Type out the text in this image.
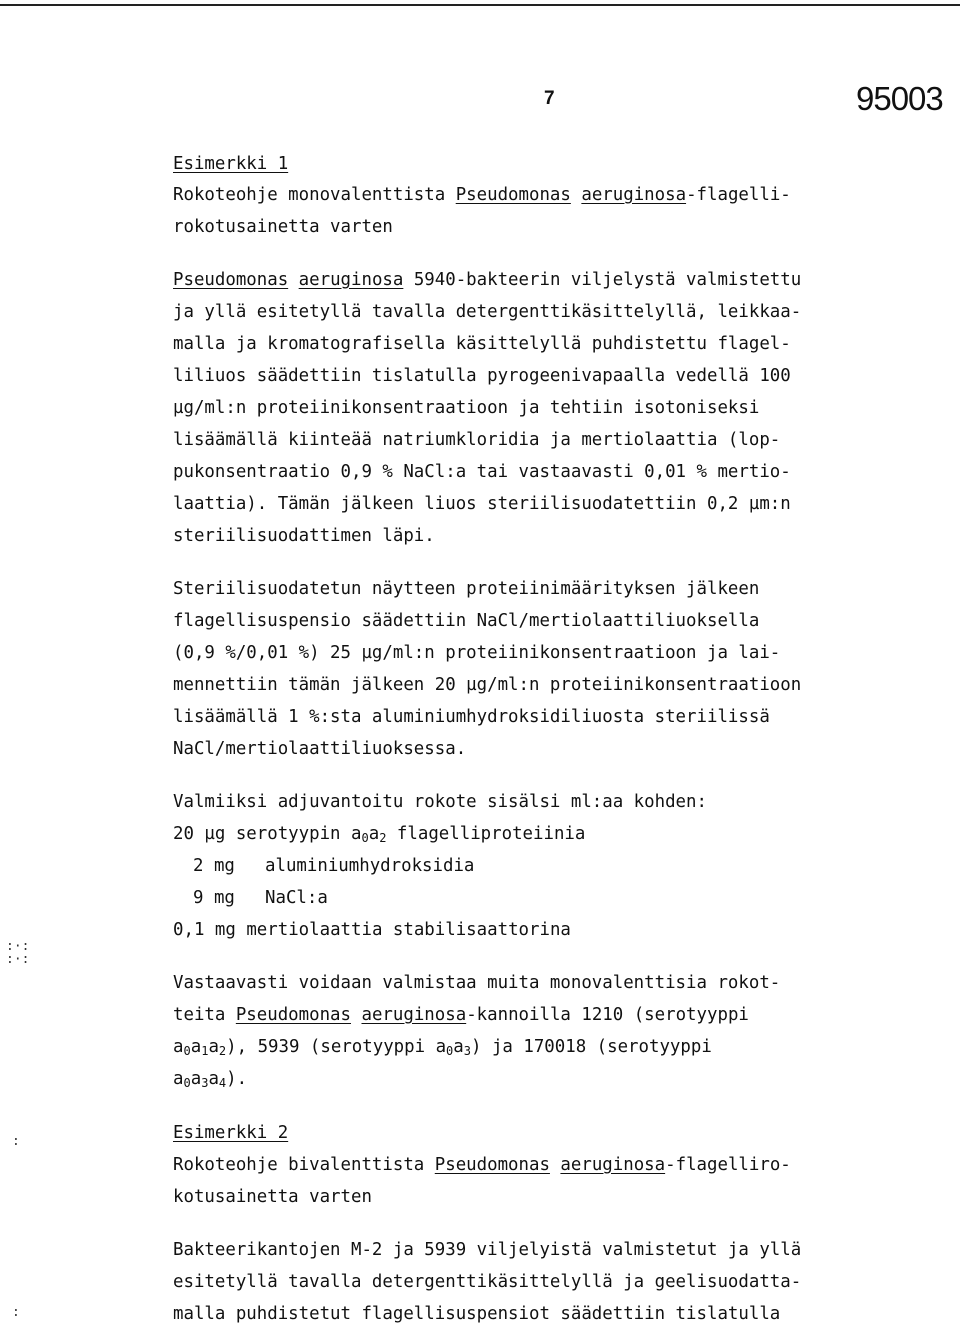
7	95003
Esimerkki 1
Rokoteohje monovalenttista Pseudomonas aeruginosa-flagelli-
rokotusainetta varten
Pseudomonas aeruginosa 5940-bakteerin viljelystä valmistettu
ja yllä esitetyllä tavalla detergenttikäsittelyllä, leikkaa-
malla ja kromatografisella käsittelyllä puhdistettu flagel-
liliuos säädettiin tislatulla pyrogeenivapaalla vedellä 100
µg/ml:n proteiinikonsentraatioon ja tehtiin isotoniseksi
lisäämällä kiinteää natriumkloridia ja mertiolaattia (lop-
pukonsentraatio 0,9 % NaCl:a tai vastaavasti 0,01 % mertio-
laattia). Tämän jälkeen liuos steriilisuodatettiin 0,2 µm:n
steriilisuodattimen läpi.
Steriilisuodatetun näytteen proteiinimäärityksen jälkeen
flagellisuspensio säädettiin NaCl/mertiolaattiliuoksella
(0,9 %/0,01 %) 25 µg/ml:n proteiinikonsentraatioon ja lai-
mennettiin tämän jälkeen 20 µg/ml:n proteiinikonsentraatioon
lisäämällä 1 %:sta aluminiumhydroksidiliuosta steriilissä
NaCl/mertiolaattiliuoksessa.
Valmiiksi adjuvantoitu rokote sisälsi ml:aa kohden:
20 µg serotyypin $a_0a_2$ flagelliproteiinia
2 mg aluminiumhydroksidia
9 mg NaCl:a
0,1 mg mertiolaattia stabilisaattorina
Vastaavasti voidaan valmistaa muita monovalenttisia rokot-
teita Pseudomonas aeruginosa-kannoilla 1210 (serotyyppi
$a_0a_1a_2$), 5939 (serotyyppi $a_0a_3$) ja 170018 (serotyyppi
$a_0a_3a_4$).
Esimerkki 2
Rokoteohje bivalenttista Pseudomonas aeruginosa-flagelliro-
kotusainetta varten
Bakteerikantojen M-2 ja 5939 viljelyistä valmistetut ja yllä
esitetyllä tavalla detergenttikäsittelyllä ja geelisuodatta-
malla puhdistetut flagellisuspensiot säädettiin tislatulla
:·:
:·:
:
:
